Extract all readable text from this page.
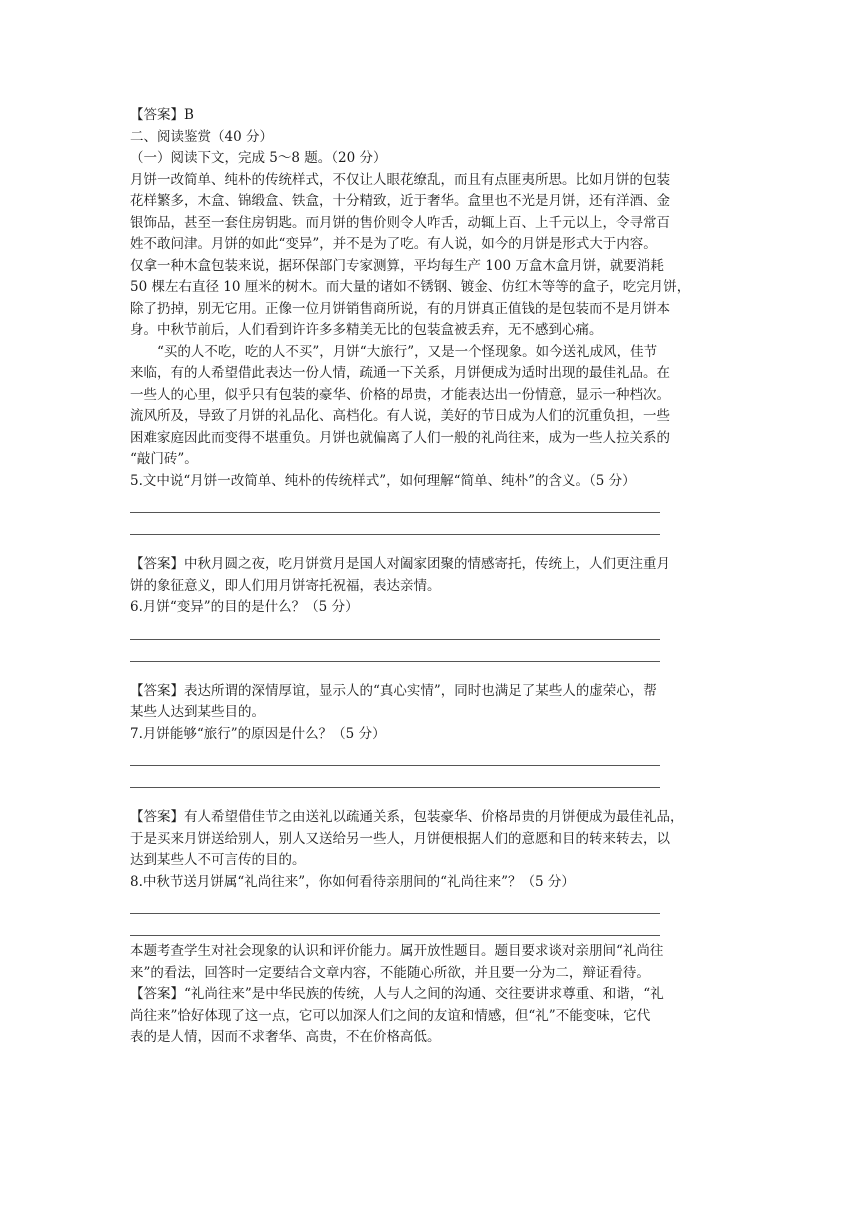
【答案】B
二、阅读鉴赏（40 分）
（一）阅读下文，完成 5～8 题。（20 分）
月饼一改简单、纯朴的传统样式，不仅让人眼花缭乱，而且有点匪夷所思。比如月饼的包装
花样繁多，木盒、锦缎盒、铁盒，十分精致，近于奢华。盒里也不光是月饼，还有洋酒、金
银饰品，甚至一套住房钥匙。而月饼的售价则令人咋舌，动辄上百、上千元以上，令寻常百
姓不敢问津。月饼的如此“变异”，并不是为了吃。有人说，如今的月饼是形式大于内容。
仅拿一种木盒包装来说，据环保部门专家测算，平均每生产 100 万盒木盒月饼，就要消耗
50 棵左右直径 10 厘米的树木。而大量的诸如不锈钢、镀金、仿红木等等的盒子，吃完月饼，
除了扔掉，别无它用。正像一位月饼销售商所说，有的月饼真正值钱的是包装而不是月饼本
身。中秋节前后，人们看到许许多多精美无比的包装盒被丢弃，无不感到心痛。
“买的人不吃，吃的人不买”，月饼“大旅行”，又是一个怪现象。如今送礼成风，佳节
来临，有的人希望借此表达一份人情，疏通一下关系，月饼便成为适时出现的最佳礼品。在
一些人的心里，似乎只有包装的豪华、价格的昂贵，才能表达出一份情意，显示一种档次。
流风所及，导致了月饼的礼品化、高档化。有人说，美好的节日成为人们的沉重负担，一些
困难家庭因此而变得不堪重负。月饼也就偏离了人们一般的礼尚往来，成为一些人拉关系的
“敲门砖”。
5.文中说“月饼一改简单、纯朴的传统样式”，如何理解“简单、纯朴”的含义。（5 分）
【答案】中秋月圆之夜，吃月饼赏月是国人对阖家团聚的情感寄托，传统上，人们更注重月
饼的象征意义，即人们用月饼寄托祝福，表达亲情。
6.月饼“变异”的目的是什么？（5 分）
【答案】表达所谓的深情厚谊，显示人的“真心实情”，同时也满足了某些人的虚荣心，帮
某些人达到某些目的。
7.月饼能够“旅行”的原因是什么？（5 分）
【答案】有人希望借佳节之由送礼以疏通关系，包装豪华、价格昂贵的月饼便成为最佳礼品，
于是买来月饼送给别人，别人又送给另一些人，月饼便根据人们的意愿和目的转来转去，以
达到某些人不可言传的目的。
8.中秋节送月饼属“礼尚往来”，你如何看待亲朋间的“礼尚往来”？（5 分）
本题考查学生对社会现象的认识和评价能力。属开放性题目。题目要求谈对亲朋间“礼尚往
来”的看法，回答时一定要结合文章内容，不能随心所欲，并且要一分为二，辩证看待。
【答案】“礼尚往来”是中华民族的传统，人与人之间的沟通、交往要讲求尊重、和谐，“礼
尚往来”恰好体现了这一点，它可以加深人们之间的友谊和情感，但“礼”不能变味，它代
表的是人情，因而不求奢华、高贵，不在价格高低。
